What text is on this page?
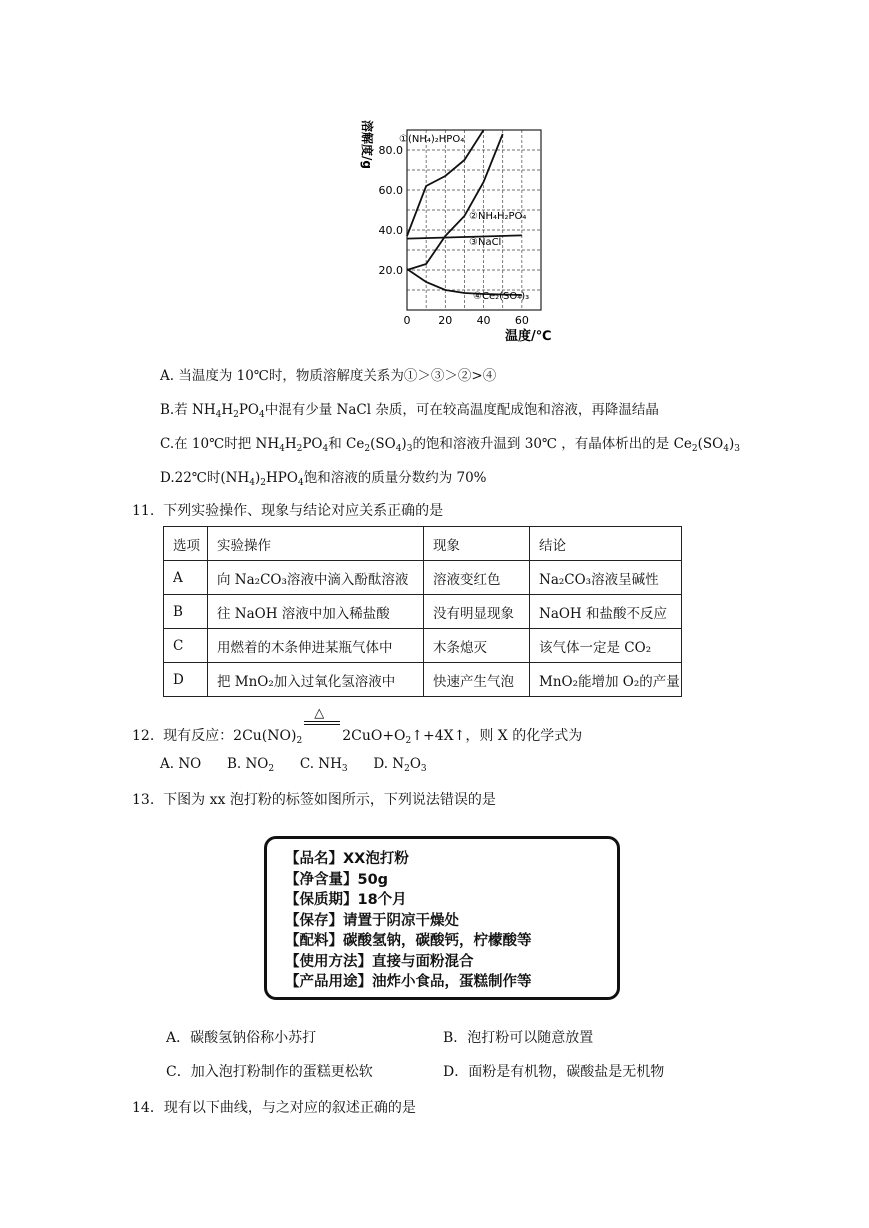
20.0
40.0
60.0
80.0
0	20 40 60
溶解度/g
温度/℃
①(NH₄)₂HPO₄
②NH₄H₂PO₄
③NaCl
④Ce₂(SO₄)₃
A. 当温度为 10℃时，物质溶解度关系为①＞③＞②>④
B.若 $NH_4H_2PO_4$中混有少量 NaCl 杂质，可在较高温度配成饱和溶液，再降温结晶
C.在 10℃时把 $NH_4H_2PO_4$和 $Ce_2(SO_4)_3$的饱和溶液升温到 30℃ ，有晶体析出的是 $Ce_2(SO_4)_3$
D.22℃时$(NH_4)_2HPO_4$饱和溶液的质量分数约为 70%
11. 下列实验操作、现象与结论对应关系正确的是
选项	实验操作	现象	结论
A	向 Na₂CO₃溶液中滴入酚酞溶液	溶液变红色	Na₂CO₃溶液呈碱性
B	往 NaOH 溶液中加入稀盐酸	没有明显现象	NaOH 和盐酸不反应
C	用燃着的木条伸进某瓶气体中	木条熄灭	该气体一定是 CO₂
D	把 MnO₂加入过氧化氢溶液中	快速产生气泡	MnO₂能增加 O₂的产量
12. 现有反应：$2Cu(NO)_2$
△
$2CuO+O_2↑+4X↑$，则 X 的化学式为
A. NO B. $NO_2$ C. $NH_3$ D. $N_2O_3$
13. 下图为 xx 泡打粉的标签如图所示，下列说法错误的是
【品名】XX泡打粉
【净含量】50g
【保质期】18个月
【保存】请置于阴凉干燥处
【配料】碳酸氢钠，碳酸钙，柠檬酸等
【使用方法】直接与面粉混合
【产品用途】油炸小食品，蛋糕制作等
A．碳酸氢钠俗称小苏打	B．泡打粉可以随意放置
C．加入泡打粉制作的蛋糕更松软	D．面粉是有机物，碳酸盐是无机物
14．现有以下曲线，与之对应的叙述正确的是
